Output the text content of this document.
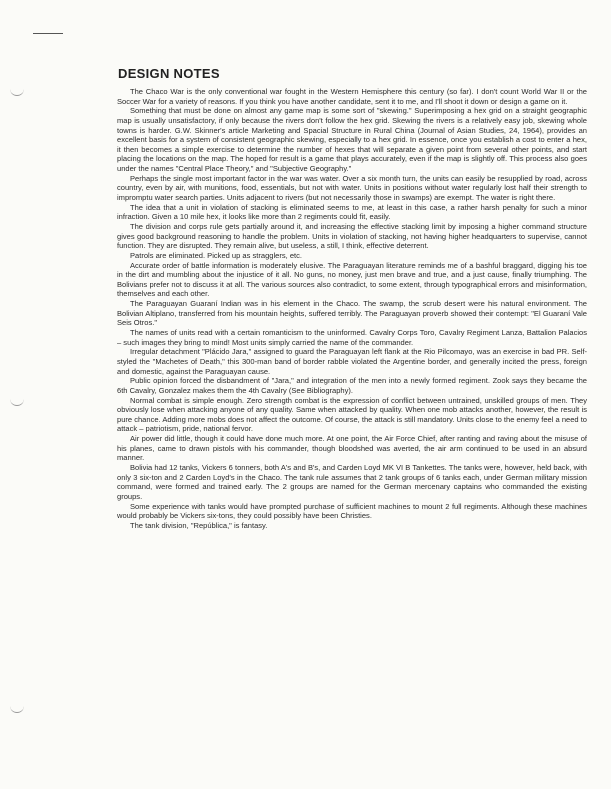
DESIGN NOTES

The Chaco War is the only conventional war fought in the Western Hemisphere this century (so far). I don't count World War II or the Soccer War for a variety of reasons. If you think you have another candidate, sent it to me, and I'll shoot it down or design a game on it.

Something that must be done on almost any game map is some sort of "skewing." Superimposing a hex grid on a straight geographic map is usually unsatisfactory, if only because the rivers don't follow the hex grid. Skewing the rivers is a relatively easy job, skewing whole towns is harder. G.W. Skinner's article Marketing and Spacial Structure in Rural China (Journal of Asian Studies, 24, 1964), provides an excellent basis for a system of consistent geographic skewing, especially to a hex grid. In essence, once you establish a cost to enter a hex, it then becomes a simple exercise to determine the number of hexes that will separate a given point from several other points, and start placing the locations on the map. The hoped for result is a game that plays accurately, even if the map is slightly off. This process also goes under the names "Central Place Theory," and "Subjective Geography."

Perhaps the single most important factor in the war was water. Over a six month turn, the units can easily be resupplied by road, across country, even by air, with munitions, food, essentials, but not with water. Units in positions without water regularly lost half their strength to impromptu water search parties. Units adjacent to rivers (but not necessarily those in swamps) are exempt. The water is right there.

The idea that a unit in violation of stacking is eliminated seems to me, at least in this case, a rather harsh penalty for such a minor infraction. Given a 10 mile hex, it looks like more than 2 regiments could fit, easily.

The division and corps rule gets partially around it, and increasing the effective stacking limit by imposing a higher command structure gives good background reasoning to handle the problem. Units in violation of stacking, not having higher headquarters to supervise, cannot function. They are disrupted. They remain alive, but useless, a still, I think, effective deterrent.

Patrols are eliminated. Picked up as stragglers, etc.

Accurate order of battle information is moderately elusive. The Paraguayan literature reminds me of a bashful braggard, digging his toe in the dirt and mumbling about the injustice of it all. No guns, no money, just men brave and true, and a just cause, finally triumphing. The Bolivians prefer not to discuss it at all. The various sources also contradict, to some extent, through typographical errors and misinformation, themselves and each other.

The Paraguayan Guaraní Indian was in his element in the Chaco. The swamp, the scrub desert were his natural environment. The Bolivian Altiplano, transferred from his mountain heights, suffered terribly. The Paraguayan proverb showed their contempt: "El Guaraní Vale Seis Otros."

The names of units read with a certain romanticism to the uninformed. Cavalry Corps Toro, Cavalry Regiment Lanza, Battalion Palacios – such images they bring to mind! Most units simply carried the name of the commander.

Irregular detachment "Plácido Jara," assigned to guard the Paraguayan left flank at the Rio Pilcomayo, was an exercise in bad PR. Self-styled the "Machetes of Death," this 300-man band of border rabble violated the Argentine border, and generally incited the press, foreign and domestic, against the Paraguayan cause.

Public opinion forced the disbandment of "Jara," and integration of the men into a newly formed regiment. Zook says they became the 6th Cavalry, Gonzalez makes them the 4th Cavalry (See Bibliography).

Normal combat is simple enough. Zero strength combat is the expression of conflict between untrained, unskilled groups of men. They obviously lose when attacking anyone of any quality. Same when attacked by quality. When one mob attacks another, however, the result is pure chance. Adding more mobs does not affect the outcome. Of course, the attack is still mandatory. Units close to the enemy feel a need to attack – patriotism, pride, national fervor.

Air power did little, though it could have done much more. At one point, the Air Force Chief, after ranting and raving about the misuse of his planes, came to drawn pistols with his commander, though bloodshed was averted, the air arm continued to be used in an absurd manner.

Bolivia had 12 tanks, Vickers 6 tonners, both A's and B's, and Carden Loyd MK VI B Tankettes. The tanks were, however, held back, with only 3 six-ton and 2 Carden Loyd's in the Chaco. The tank rule assumes that 2 tank groups of 6 tanks each, under German military mission command, were formed and trained early. The 2 groups are named for the German mercenary captains who commanded the existing groups.

Some experience with tanks would have prompted purchase of sufficient machines to mount 2 full regiments. Although these machines would probably be Vickers six-tons, they could possibly have been Christies.

The tank division, "República," is fantasy.
